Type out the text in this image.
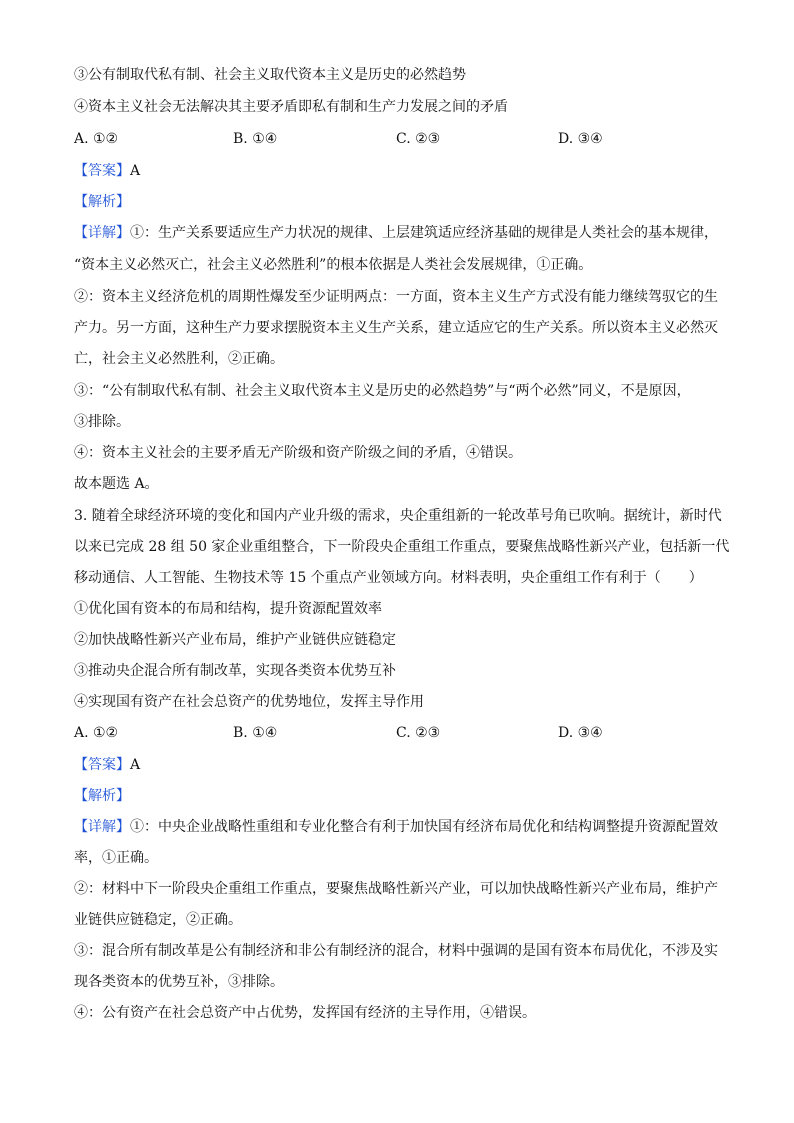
③公有制取代私有制、社会主义取代资本主义是历史的必然趋势
④资本主义社会无法解决其主要矛盾即私有制和生产力发展之间的矛盾
A. ①②	B. ①④	C. ②③	D. ③④
【答案】A
【解析】
【详解】①：生产关系要适应生产力状况的规律、上层建筑适应经济基础的规律是人类社会的基本规律，
“资本主义必然灭亡，社会主义必然胜利”的根本依据是人类社会发展规律，①正确。
②：资本主义经济危机的周期性爆发至少证明两点：一方面，资本主义生产方式没有能力继续驾驭它的生
产力。另一方面，这种生产力要求摆脱资本主义生产关系，建立适应它的生产关系。所以资本主义必然灭
亡，社会主义必然胜利，②正确。
③：“公有制取代私有制、社会主义取代资本主义是历史的必然趋势”与“两个必然”同义，不是原因，
③排除。
④：资本主义社会的主要矛盾无产阶级和资产阶级之间的矛盾，④错误。
故本题选 A。
3. 随着全球经济环境的变化和国内产业升级的需求，央企重组新的一轮改革号角已吹响。据统计，新时代
以来已完成 28 组 50 家企业重组整合，下一阶段央企重组工作重点，要聚焦战略性新兴产业，包括新一代
移动通信、人工智能、生物技术等 15 个重点产业领域方向。材料表明，央企重组工作有利于（　　）
①优化国有资本的布局和结构，提升资源配置效率
②加快战略性新兴产业布局，维护产业链供应链稳定
③推动央企混合所有制改革，实现各类资本优势互补
④实现国有资产在社会总资产的优势地位，发挥主导作用
A. ①②	B. ①④	C. ②③	D. ③④
【答案】A
【解析】
【详解】①：中央企业战略性重组和专业化整合有利于加快国有经济布局优化和结构调整提升资源配置效
率，①正确。
②：材料中下一阶段央企重组工作重点，要聚焦战略性新兴产业，可以加快战略性新兴产业布局，维护产
业链供应链稳定，②正确。
③：混合所有制改革是公有制经济和非公有制经济的混合，材料中强调的是国有资本布局优化，不涉及实
现各类资本的优势互补，③排除。
④：公有资产在社会总资产中占优势，发挥国有经济的主导作用，④错误。
